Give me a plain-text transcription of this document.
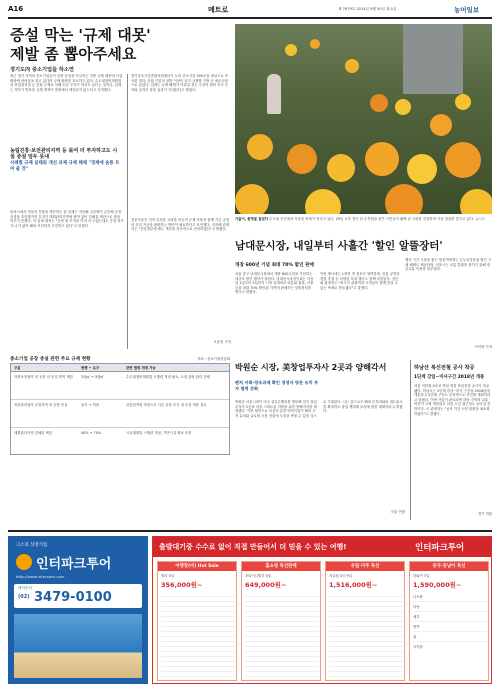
A16	메트로	제 7679호 2014년 9월 30일 화요일	농어일보
증설 막는 '규제 대못'
제발 좀 뽑아주세요
경기도內 중소기업들 하소연
최근 경기 지역의 중소기업들이 공장 증설을 가로막는 각종 규제 때문에 사업 확장에 어려움을 겪고 있다며 규제 완화를 호소하고 있다. 수도권정비계획법과 산업집적법 등 중첩 규제로 인해 신규 투자가 막히고 있다는 것이다. 업계는 정부가 발표한 규제 개혁이 현장에서 체감되지 않는다고 지적했다.
농림진흥·보전관리지역 등 묶여 더 투자하고도 시설 증설 엄두 못내
사례별 규제 실태와 개선 과제 규제 해제 "경제에 숨통 트여 줄 것"
화성시에서 자동차 부품을 생산하는 한 업체는 지난해 주문량이 급증해 공장 증설을 추진했지만 부지가 계획관리지역에 묶여 있어 건폐율 제한으로 뜻을 이루지 못했다. 이 업체 대표는 "공장 옆 부지를 이미 사 두었는데도 증설 허가가 나지 않아 해외 이전까지 고민하고 있다"고 말했다.
경기중소기업종합지원센터가 도내 중소기업 300곳을 대상으로 조사한 결과, 응답 기업의 절반 이상이 입지 규제를 가장 큰 애로사항으로 꼽았다. 업계는 규제 해제가 이뤄질 경우 수천억 원의 추가 투자와 일자리 창출 효과가 기대된다고 밝혔다.
전문가들은 지역 특성을 고려한 차등적 규제 적용과 함께 기존 공장의 증설 기준을 완화하는 방안이 필요하다고 조언했다. 지자체 관계자는 "중앙정부에 제도 개선을 지속적으로 건의하겠다"고 밝혔다.
오동현 기자
가을이, 꽃망울 잡았다 수도권 곳곳에서 가을꽃 축제가 열리고 있다. 29일 오후 경기 한 수목원을 찾은 시민들이 활짝 핀 국화를 감상하며 가을 정취를 즐기고 있다. 뉴시스
남대문시장, 내일부터 사흘간 '할인 알뜰장터'
개장 600년 기념 최대 70% 할인 판매
서울 중구 남대문시장에서 개장 600주년을 기념하는 대규모 할인 행사가 열린다. 남대문시장상인회는 다음달 1일부터 3일까지 시장 일대에서 의류와 잡화, 식품 등을 최대 70% 할인된 가격에 판매하는 알뜰장터를 연다고 밝혔다.
이번 행사에는 1천여 개 점포가 참여하며, 전통 공연과 경품 추첨 등 다양한 부대 행사도 함께 마련된다. 상인회 관계자는 "외국인 관광객과 시민들이 함께 즐길 수 있는 축제로 만들겠다"고 말했다.
행사 기간 시장을 찾는 방문객에게는 온누리상품권 할인 구매 혜택도 제공되며, 서울시는 교통 혼잡을 줄이기 위해 대중교통 이용을 당부했다.
이지현 기자
박원순 시장, 美창업투자사 2곳과 양해각서
벤처 이화·창조과제 확인 경영자 방문 유치 투자 협력 강화
박원순 서울시장이 미국 실리콘밸리를 방문해 현지 창업투자사 2곳과 서울 스타트업 지원을 위한 양해각서를 체결했다. 이번 협약으로 서울의 유망 벤처기업이 해외 투자 유치와 글로벌 시장 진출에 도움을 받을 수 있을 것으로 기대된다. 시는 앞으로도 해외 투자자와의 네트워크를 확대하고 창업 생태계 조성에 힘쓸 계획이라고 밝혔다.
서울 연합
하남산 복선전철 공사 착공
1단계 강일~미사구간 2018년 개통
서울 지하철 5호선 하남 연장 복선전철 공사가 착공됐다. 하남시는 1단계 강일~미사 구간을 2018년에 개통하고 2단계 구간도 순차적으로 추진할 계획이라고 밝혔다. 이번 사업이 완료되면 하남 지역의 교통 여건이 크게 개선되고 서울 도심 접근성도 높아질 전망이다. 시 관계자는 "공사 기간 시민 불편을 최소화하겠다"고 말했다.
경기 연합
중소기업 공장 증설 관련 주요 규제 현황	자료 : 중소기업중앙회
구분	현행 ~ 요구	관련 법령 개정 가능
자연보전권역 내 공장 신·증설 면적 제한	1천㎡ → 3천㎡	수도권정비계획법 시행령 개정 필요, 오염 총량 관리 전제
성장관리권역 공업지역 외 공장 증설	불가 → 허용	산업집적법 개정으로 기존 공장 부지 내 증설 허용 검토
계획관리지역 건폐율 제한	40% → 70%	국토계획법 시행령 개정, 기반시설 확보 조건
고스피 상장기업
인터파크투어
http://www.interpark.com
예약문의
(02) 3479-0100
출발대기중 수수료 없이 직접 만들어서 더 믿을 수 있는 여행!	인터파크투어
여행장(마) Hot Sale
발리 5일
356,000원~
홈쇼핑 특선판매
코타키나발루 5일
649,000원~
유럽·미주 특선
서유럽 3국 9일
1,516,000원~
중국·동남아 특선
하와이 7일
1,590,000원~
나트랑
다낭
세부
방콕
괌
사이판
